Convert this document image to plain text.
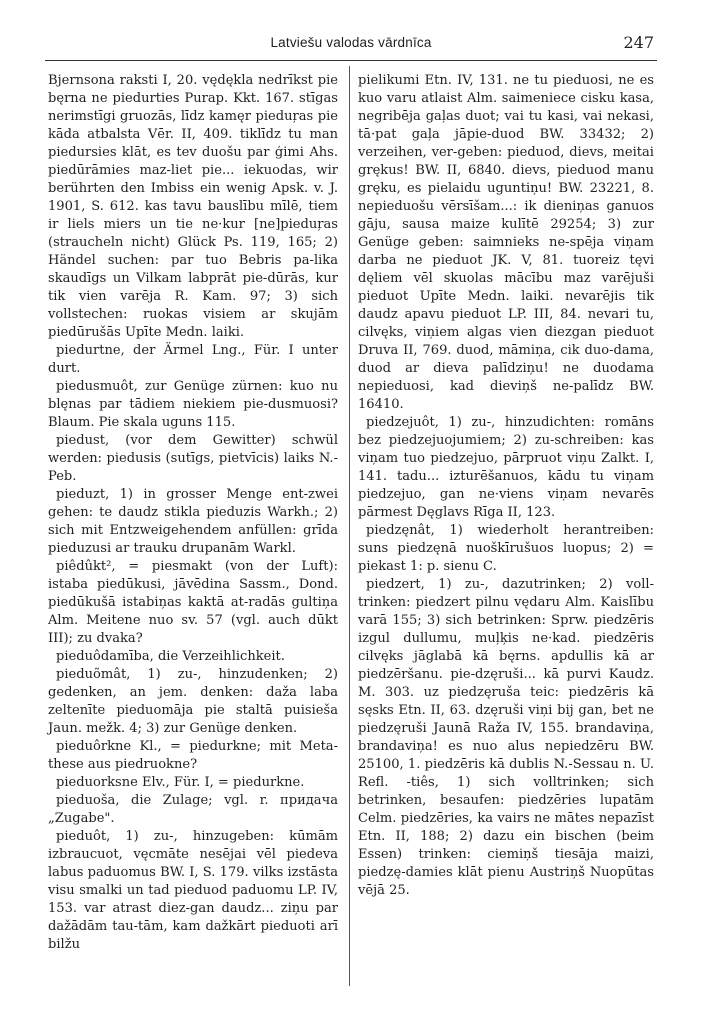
Latviešu valodas vārdnīca	247

Bjernsona raksti I, 20. vędękla nedrīkst pie bęrna ne piedurties Purap. Kkt. 167. stīgas nerimstīgi gruozās, līdz kamęr pieduŗas pie kāda atbalsta Vēr. II, 409. tiklīdz tu man piedursies klāt, es tev duošu par ģimi Ahs. piedūrāmies maz-liet pie... iekuodas, wir berührten den Imbiss ein wenig Apsk. v. J. 1901, S. 612. kas tavu bauslību mīlē, tiem ir liels miers un tie ne·kur [ne]pieduŗas (straucheln nicht) Glück Ps. 119, 165; 2) Händel suchen: par tuo Bebris pa-lika skaudīgs un Vilkam labprāt pie-dūrās, kur tik vien varēja R. Kam. 97; 3) sich vollstechen: ruokas visiem ar skujām piedūrušās Upīte Medn. laiki.

piedurtne, der Ärmel Lng., Für. I unter durt.

piedusmuôt, zur Genüge zürnen: kuo nu blęnas par tādiem niekiem pie-dusmuosi? Blaum. Pie skala uguns 115.

piedust, (vor dem Gewitter) schwül werden: piedusis (sutīgs, pietvīcis) laiks N.-Peb.

pieduzt, 1) in grosser Menge ent-zwei gehen: te daudz stikla pieduzis Warkh.; 2) sich mit Entzweigehendem anfüllen: grīda pieduzusi ar trauku drupanām Warkl.

piêdûkt², = piesmakt (von der Luft): istaba piedūkusi, jāvēdina Sassm., Dond. piedūkušā istabiņas kaktā at-radās gultiņa Alm. Meitene nuo sv. 57 (vgl. auch dūkt III); zu dvaka?

pieduôdamība, die Verzeihlichkeit.

pieduõmât, 1) zu-, hinzudenken; 2) gedenken, an jem. denken: daža laba zeltenīte pieduomāja pie staltā puisieša Jaun. mežk. 4; 3) zur Genüge denken.

pieduôrkne Kl., = piedurkne; mit Meta-these aus piedruokne?

pieduorksne Elv., Für. I, = piedurkne.

pieduoša, die Zulage; vgl. r. придача „Zugabe".

pieduôt, 1) zu-, hinzugeben: kūmām izbraucuot, vęcmāte nesējai vēl piedeva labus paduomus BW. I, S. 179. vilks izstāsta visu smalki un tad pieduod paduomu LP. IV, 153. var atrast diez-gan daudz... ziņu par dažādām tau-tām, kam dažkārt pieduoti arī bilžu

pielikumi Etn. IV, 131. ne tu pieduosi, ne es kuo varu atlaist Alm. saimeniece cisku kasa, negribēja gaļas duot; vai tu kasi, vai nekasi, tā·pat gaļa jāpie-duod BW. 33432; 2) verzeihen, ver-geben: pieduod, dievs, meitai grękus! BW. II, 6840. dievs, pieduod manu gręku, es pielaidu uguntiņu! BW. 23221, 8. nepieduošu vērsīšam...: ik dieniņas ganuos gāju, sausa maize kulītē 29254; 3) zur Genüge geben: saimnieks ne-spēja viņam darba ne pieduot JK. V, 81. tuoreiz tęvi dęliem vēl skuolas mācību maz varējuši pieduot Upīte Medn. laiki. nevarējis tik daudz apavu pieduot LP. III, 84. nevari tu, cilvęks, viņiem algas vien diezgan pieduot Druva II, 769. duod, māmiņa, cik duo-dama, duod ar dieva palīdziņu! ne duodama nepieduosi, kad dieviņš ne-palīdz BW. 16410.

piedzejuôt, 1) zu-, hinzudichten: romāns bez piedzejuojumiem; 2) zu-schreiben: kas viņam tuo piedzejuo, pārpruot viņu Zalkt. I, 141. tadu... izturēšanuos, kādu tu viņam piedzejuo, gan ne·viens viņam nevarēs pārmest Dęglavs Rīga II, 123.

piedzęnât, 1) wiederholt herantreiben: suns piedzęnā nuoškīrušuos luopus; 2) = piekast 1: p. sienu C.

piedzert, 1) zu-, dazutrinken; 2) voll-trinken: piedzert pilnu vędaru Alm. Kaislību varā 155; 3) sich betrinken: Sprw. piedzēris izgul dullumu, muļķis ne·kad. piedzēris cilvęks jāglabā kā bęrns. apdullis kā ar piedzēršanu. pie-dzęruši... kā purvi Kaudz. M. 303. uz piedzęruša teic: piedzēris kā sęsks Etn. II, 63. dzęruši viņi bij gan, bet ne piedzęruši Jaunā Raža IV, 155. brandaviņa, brandaviņa! es nuo alus nepiedzēru BW. 25100, 1. piedzēris kā dublis N.-Sessau n. U. Refl. -tiês, 1) sich volltrinken; sich betrinken, besaufen: piedzēries lupatām Celm. piedzēries, ka vairs ne mātes nepazīst Etn. II, 188; 2) dazu ein bischen (beim Essen) trinken: ciemiņš tiesāja maizi, piedzę-damies klāt pienu Austriņš Nuopūtas vējā 25.
